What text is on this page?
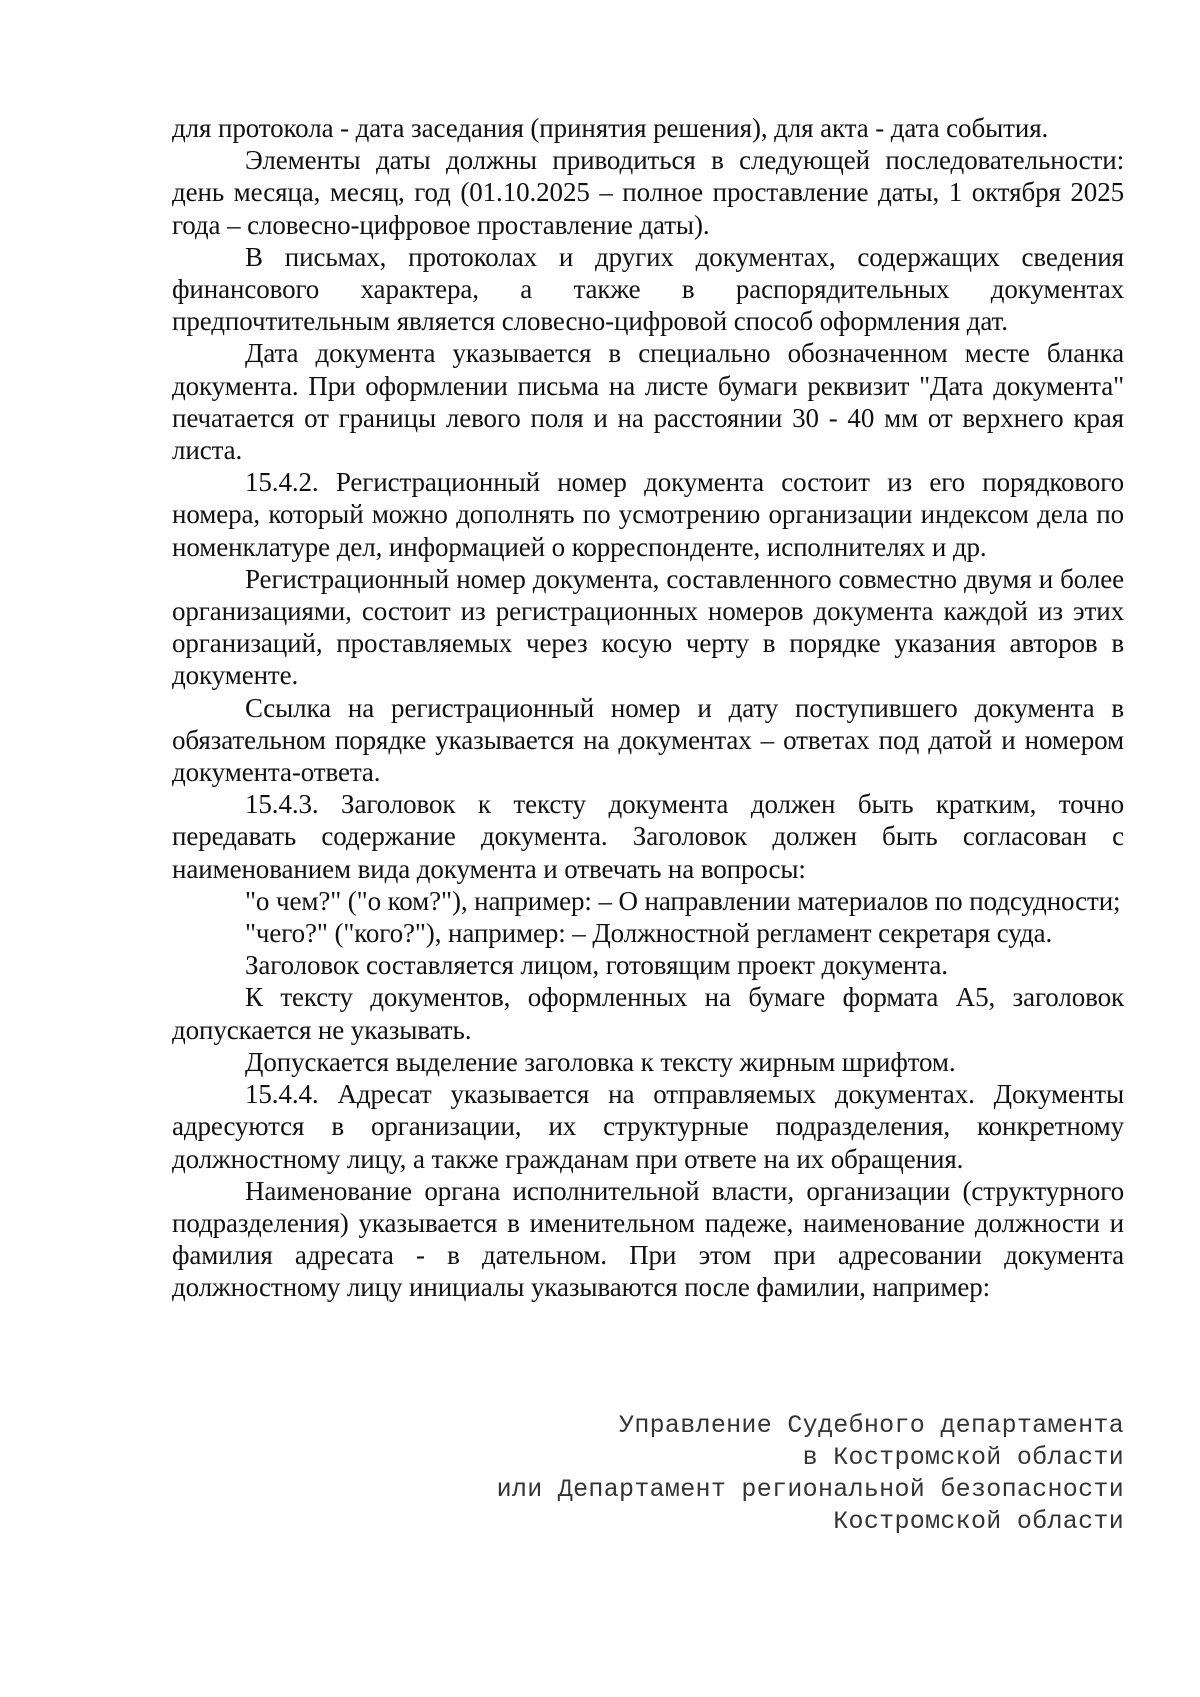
для протокола - дата заседания (принятия решения), для акта - дата события.

Элементы даты должны приводиться в следующей последовательности: день месяца, месяц, год (01.10.2025 – полное проставление даты, 1 октября 2025 года – словесно-цифровое проставление даты).

В письмах, протоколах и других документах, содержащих сведения финансового характера, а также в распорядительных документах предпочтительным является словесно-цифровой способ оформления дат.

Дата документа указывается в специально обозначенном месте бланка документа. При оформлении письма на листе бумаги реквизит "Дата документа" печатается от границы левого поля и на расстоянии 30 - 40 мм от верхнего края листа.

15.4.2. Регистрационный номер документа состоит из его порядкового номера, который можно дополнять по усмотрению организации индексом дела по номенклатуре дел, информацией о корреспонденте, исполнителях и др.

Регистрационный номер документа, составленного совместно двумя и более организациями, состоит из регистрационных номеров документа каждой из этих организаций, проставляемых через косую черту в порядке указания авторов в документе.

Ссылка на регистрационный номер и дату поступившего документа в обязательном порядке указывается на документах – ответах под датой и номером документа-ответа.

15.4.3. Заголовок к тексту документа должен быть кратким, точно передавать содержание документа. Заголовок должен быть согласован с наименованием вида документа и отвечать на вопросы:

"о чем?" ("о ком?"), например: – О направлении материалов по подсудности;

"чего?" ("кого?"), например: – Должностной регламент секретаря суда.

Заголовок составляется лицом, готовящим проект документа.

К тексту документов, оформленных на бумаге формата А5, заголовок допускается не указывать.

Допускается выделение заголовка к тексту жирным шрифтом.

15.4.4. Адресат указывается на отправляемых документах. Документы адресуются в организации, их структурные подразделения, конкретному должностному лицу, а также гражданам при ответе на их обращения.

Наименование органа исполнительной власти, организации (структурного подразделения) указывается в именительном падеже, наименование должности и фамилия адресата - в дательном. При этом при адресовании документа должностному лицу инициалы указываются после фамилии, например:

Управление Судебного департамента
в Костромской области
или Департамент региональной безопасности
Костромской области
